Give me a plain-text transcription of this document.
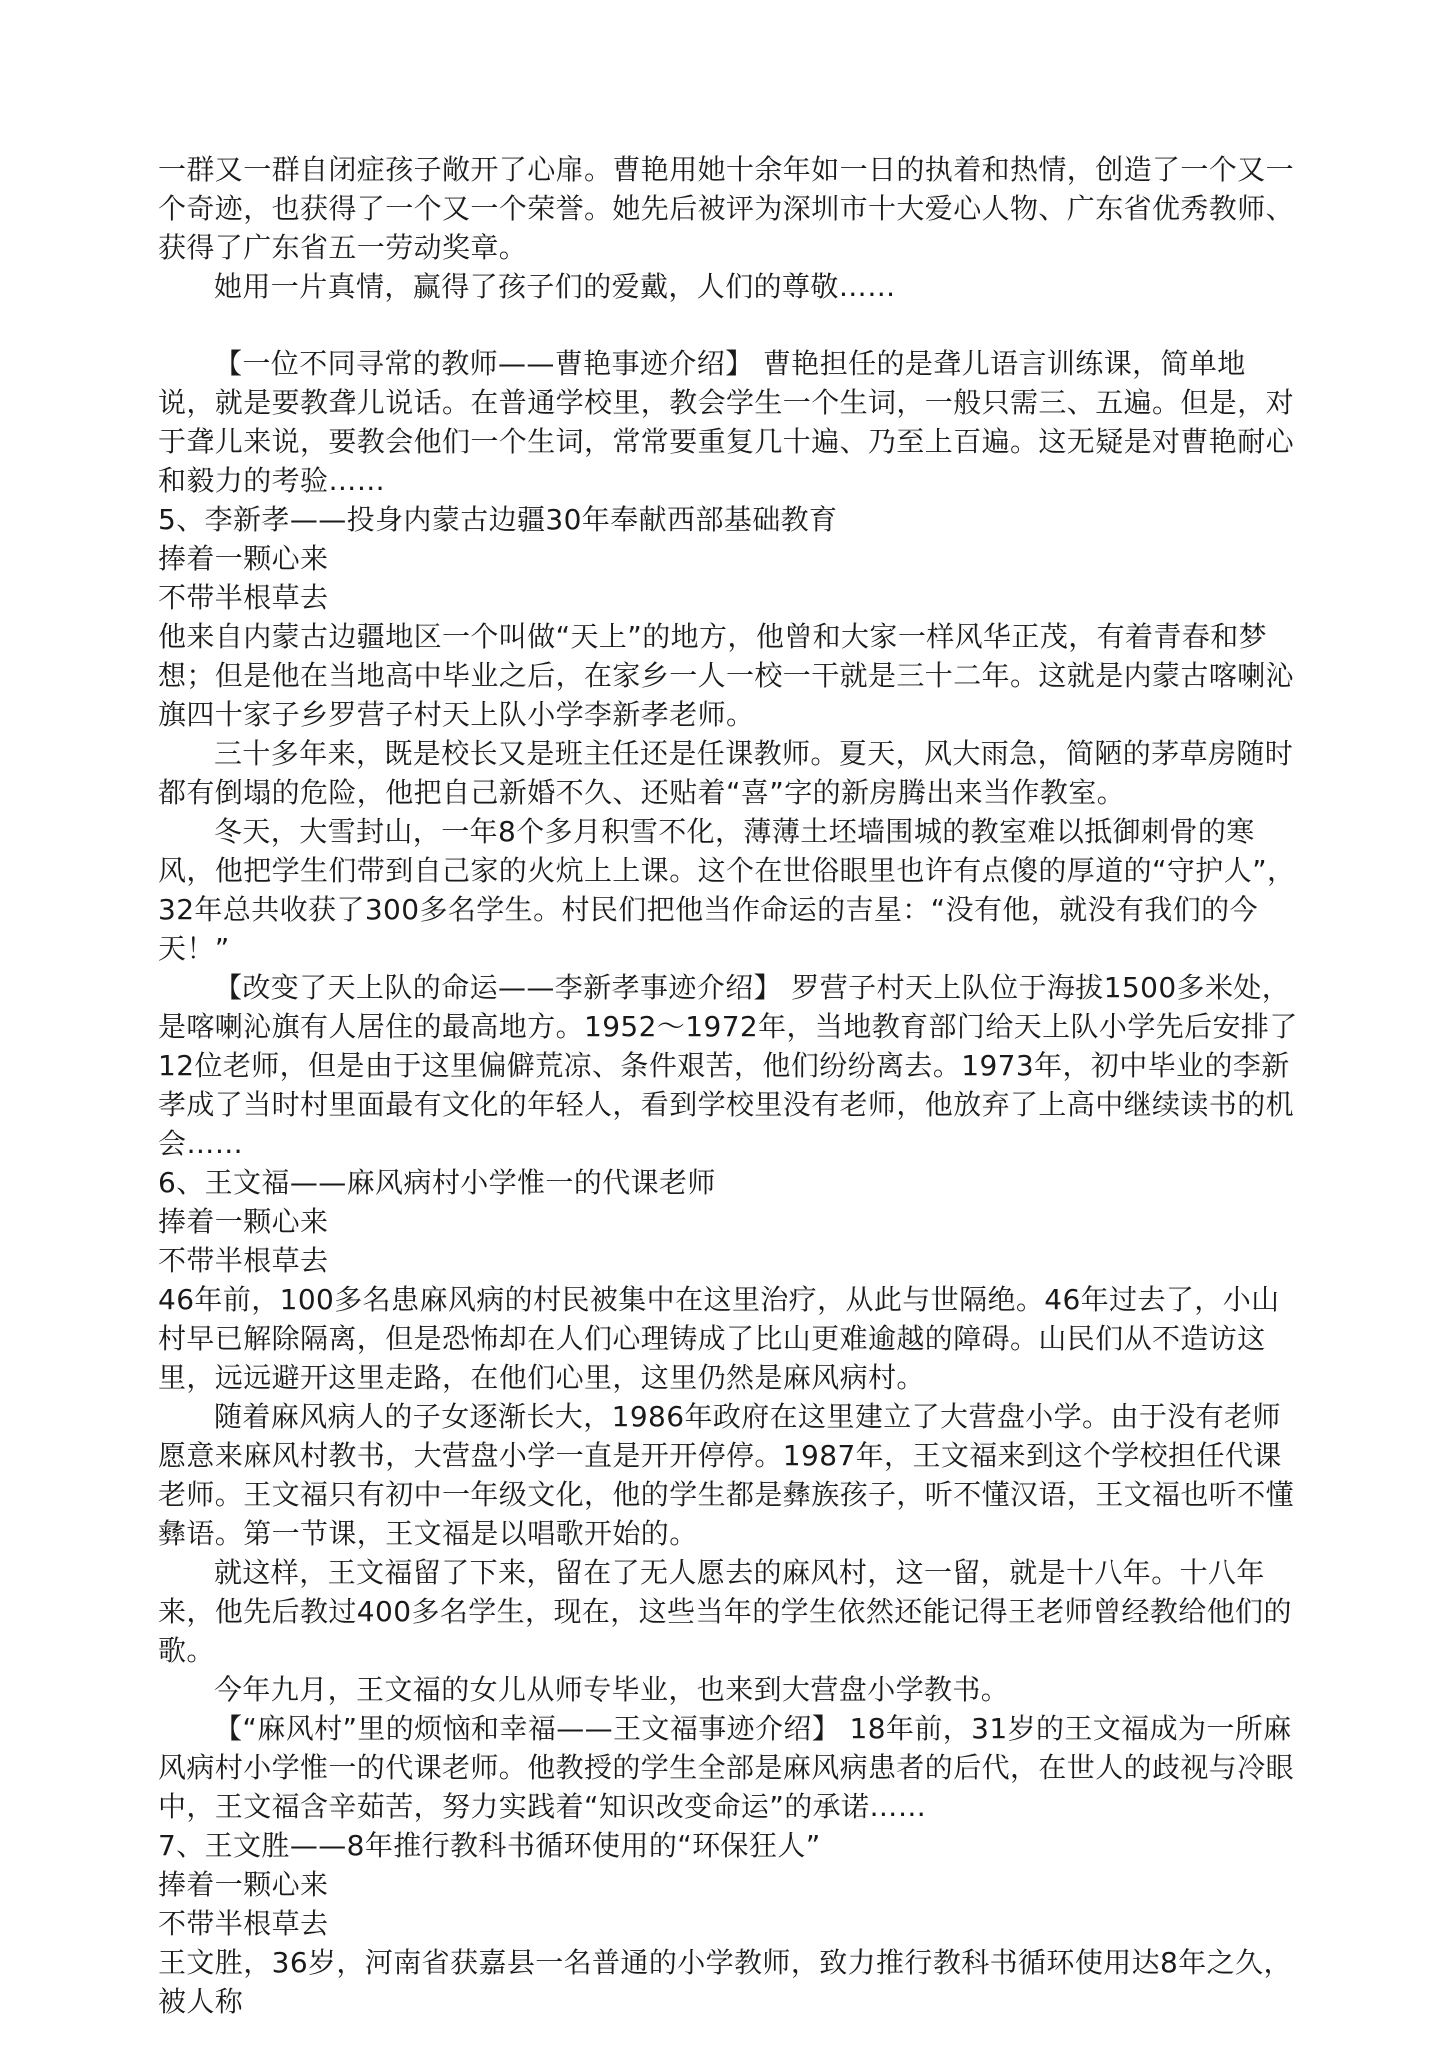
一群又一群自闭症孩子敞开了心扉。曹艳用她十余年如一日的执着和热情，创造了一个又一个奇迹，也获得了一个又一个荣誉。她先后被评为深圳市十大爱心人物、广东省优秀教师、获得了广东省五一劳动奖章。

她用一片真情，赢得了孩子们的爱戴，人们的尊敬……

【一位不同寻常的教师——曹艳事迹介绍】 曹艳担任的是聋儿语言训练课，简单地说，就是要教聋儿说话。在普通学校里，教会学生一个生词，一般只需三、五遍。但是，对于聋儿来说，要教会他们一个生词，常常要重复几十遍、乃至上百遍。这无疑是对曹艳耐心和毅力的考验……

5、李新孝——投身内蒙古边疆30年奉献西部基础教育

捧着一颗心来

不带半根草去

他来自内蒙古边疆地区一个叫做“天上”的地方，他曾和大家一样风华正茂，有着青春和梦想；但是他在当地高中毕业之后，在家乡一人一校一干就是三十二年。这就是内蒙古喀喇沁旗四十家子乡罗营子村天上队小学李新孝老师。

三十多年来，既是校长又是班主任还是任课教师。夏天，风大雨急，简陋的茅草房随时都有倒塌的危险，他把自己新婚不久、还贴着“喜”字的新房腾出来当作教室。

冬天，大雪封山，一年8个多月积雪不化，薄薄土坯墙围城的教室难以抵御刺骨的寒风，他把学生们带到自己家的火炕上上课。这个在世俗眼里也许有点傻的厚道的“守护人”，32年总共收获了300多名学生。村民们把他当作命运的吉星：“没有他，就没有我们的今天！”

【改变了天上队的命运——李新孝事迹介绍】 罗营子村天上队位于海拔1500多米处，是喀喇沁旗有人居住的最高地方。1952～1972年，当地教育部门给天上队小学先后安排了12位老师，但是由于这里偏僻荒凉、条件艰苦，他们纷纷离去。1973年，初中毕业的李新孝成了当时村里面最有文化的年轻人，看到学校里没有老师，他放弃了上高中继续读书的机会……

6、王文福——麻风病村小学惟一的代课老师

捧着一颗心来

不带半根草去

46年前，100多名患麻风病的村民被集中在这里治疗，从此与世隔绝。46年过去了，小山村早已解除隔离，但是恐怖却在人们心理铸成了比山更难逾越的障碍。山民们从不造访这里，远远避开这里走路，在他们心里，这里仍然是麻风病村。

随着麻风病人的子女逐渐长大，1986年政府在这里建立了大营盘小学。由于没有老师愿意来麻风村教书，大营盘小学一直是开开停停。1987年，王文福来到这个学校担任代课老师。王文福只有初中一年级文化，他的学生都是彝族孩子，听不懂汉语，王文福也听不懂彝语。第一节课，王文福是以唱歌开始的。

就这样，王文福留了下来，留在了无人愿去的麻风村，这一留，就是十八年。十八年来，他先后教过400多名学生，现在，这些当年的学生依然还能记得王老师曾经教给他们的歌。

今年九月，王文福的女儿从师专毕业，也来到大营盘小学教书。

【“麻风村”里的烦恼和幸福——王文福事迹介绍】 18年前，31岁的王文福成为一所麻风病村小学惟一的代课老师。他教授的学生全部是麻风病患者的后代，在世人的歧视与冷眼中，王文福含辛茹苦，努力实践着“知识改变命运”的承诺……

7、王文胜——8年推行教科书循环使用的“环保狂人”

捧着一颗心来

不带半根草去

王文胜，36岁，河南省获嘉县一名普通的小学教师，致力推行教科书循环使用达8年之久，被人称
